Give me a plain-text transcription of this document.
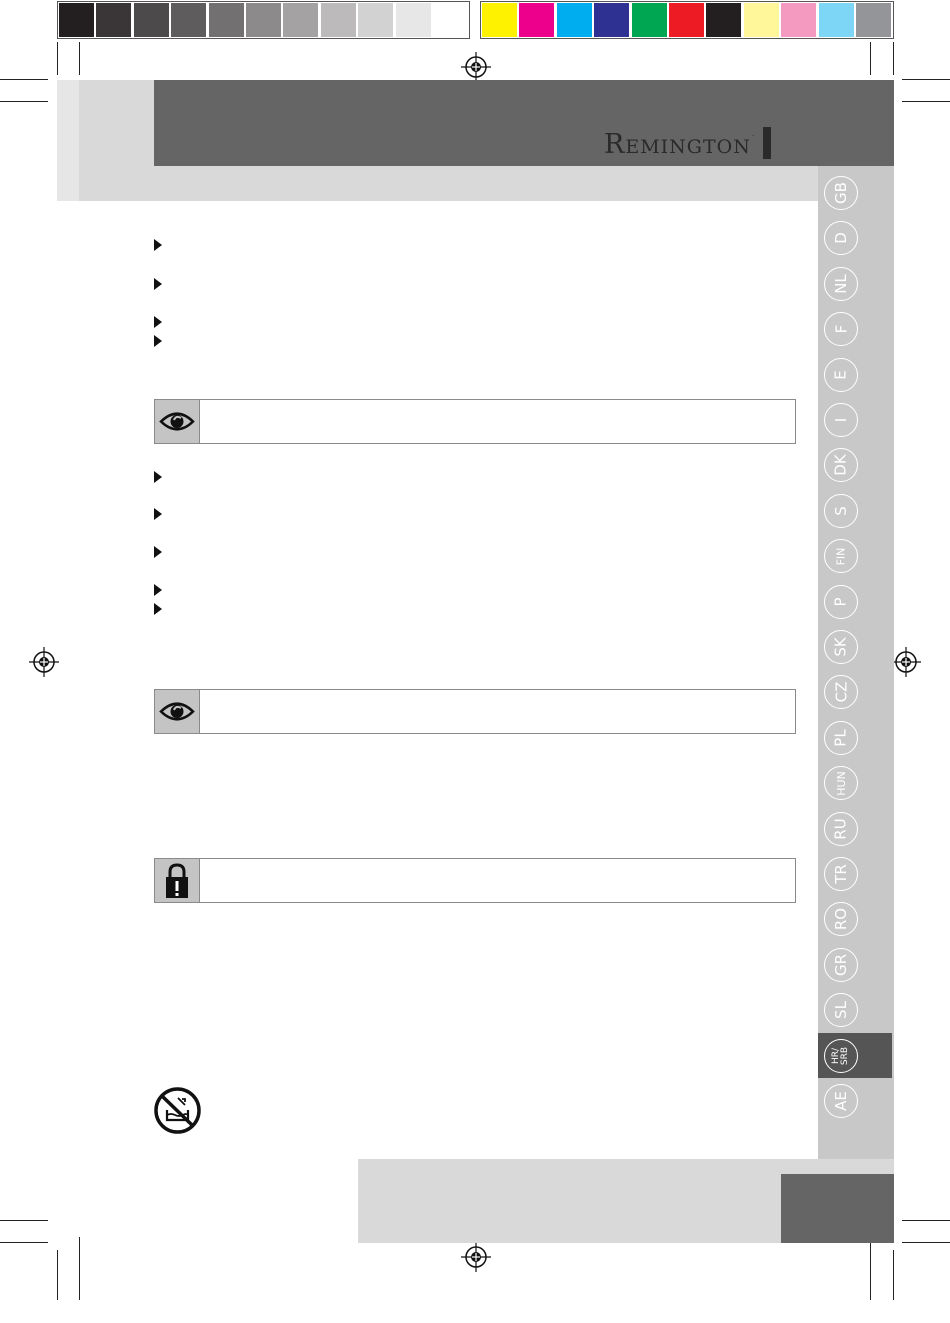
Remington .
GB
D
NL
F
E
I
DK
S
FIN
P
SK
CZ
PL
HUN
RU
TR
RO
GR
SL
HR/ SRB
AE
